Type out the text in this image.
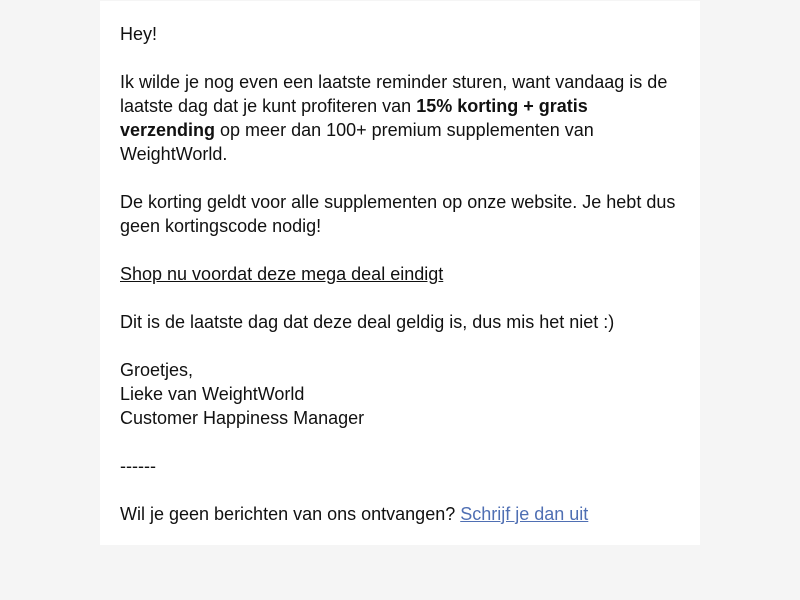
Hey!

Ik wilde je nog even een laatste reminder sturen, want vandaag is de laatste dag dat je kunt profiteren van 15% korting + gratis verzending op meer dan 100+ premium supplementen van WeightWorld.

De korting geldt voor alle supplementen op onze website. Je hebt dus geen kortingscode nodig!

Shop nu voordat deze mega deal eindigt

Dit is de laatste dag dat deze deal geldig is, dus mis het niet :)

Groetjes,
Lieke van WeightWorld
Customer Happiness Manager

------

Wil je geen berichten van ons ontvangen? Schrijf je dan uit
